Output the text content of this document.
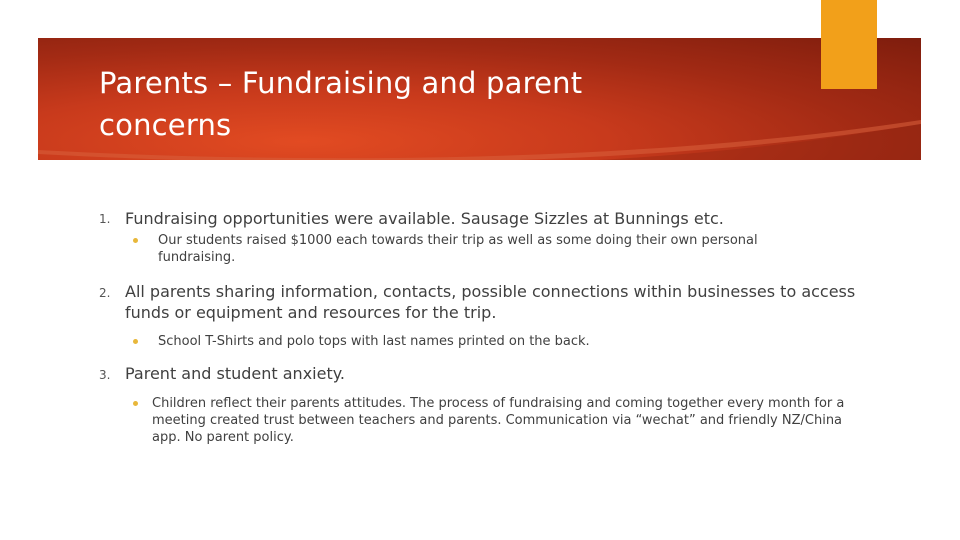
Parents – Fundraising and parent concerns
1. Fundraising opportunities were available. Sausage Sizzles at Bunnings etc.
Our students raised $1000 each towards their trip as well as some doing their own personal fundraising.
2. All parents sharing information, contacts, possible connections within businesses to access funds or equipment and resources for the trip.
School T-Shirts and polo tops with last names printed on the back.
3. Parent and student anxiety.
Children reflect their parents attitudes. The process of fundraising and coming together every month for a meeting created trust between teachers and parents. Communication via “wechat” and friendly NZ/China app. No parent policy.
